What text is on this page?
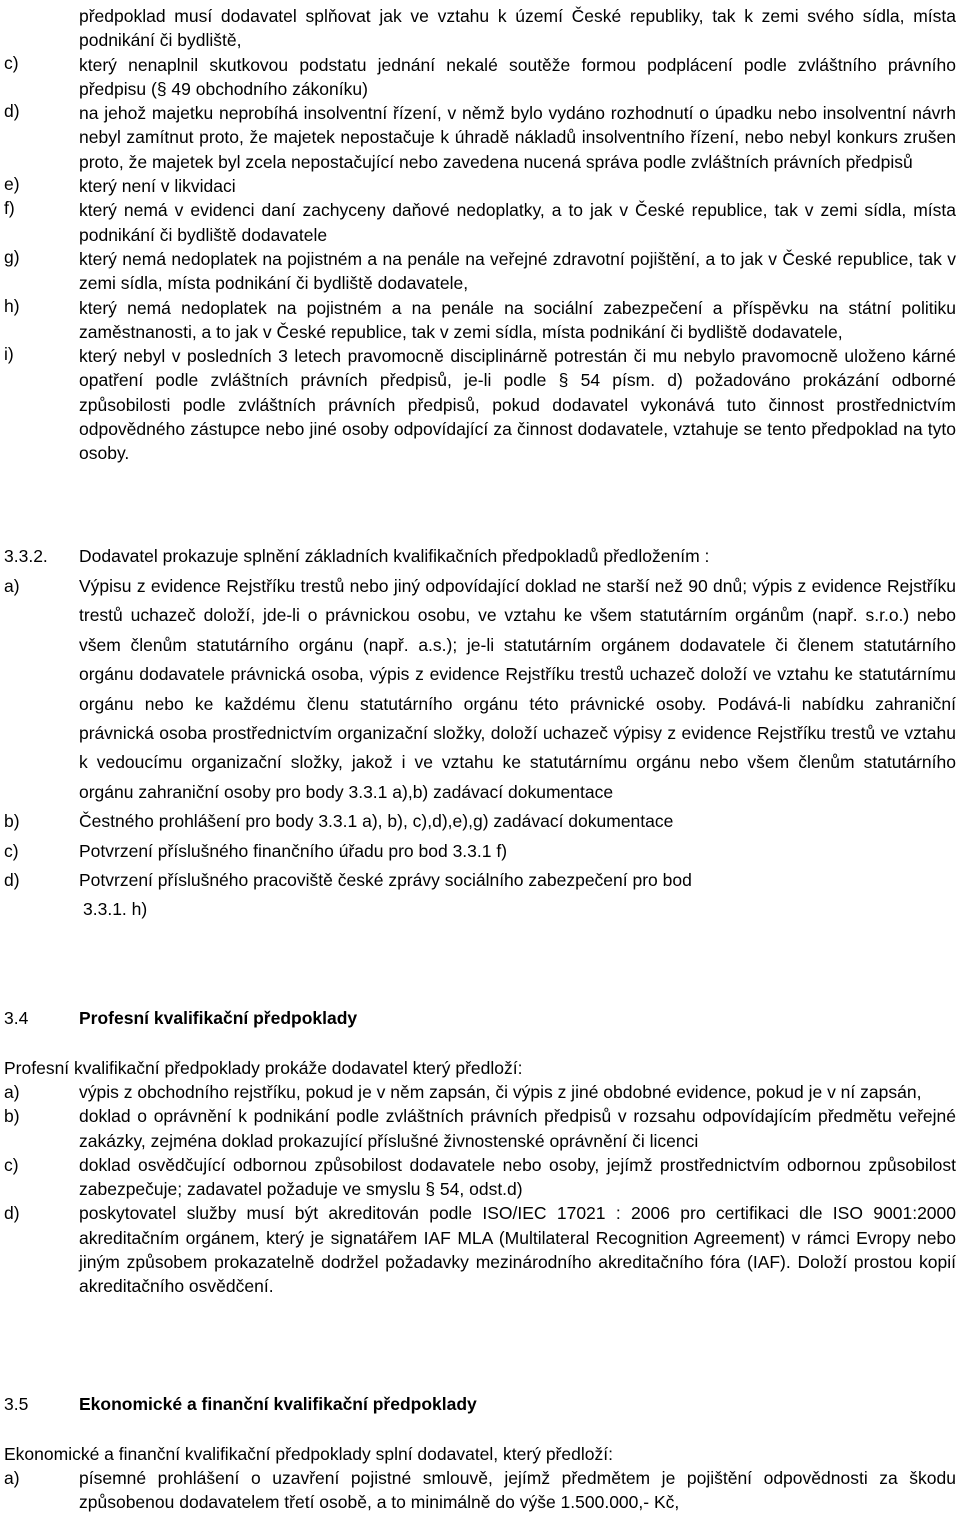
předpoklad musí dodavatel splňovat jak ve vztahu k území České republiky, tak k zemi svého sídla, místa podnikání či bydliště,
c)	který nenaplnil skutkovou podstatu jednání nekalé soutěže formou podplácení podle zvláštního právního předpisu (§ 49 obchodního zákoníku)
d)	na jehož majetku neprobíhá insolventní řízení, v němž bylo vydáno rozhodnutí o úpadku nebo insolventní návrh nebyl zamítnut proto, že majetek nepostačuje k úhradě nákladů insolventního řízení, nebo nebyl konkurs zrušen proto, že majetek byl zcela nepostačující nebo zavedena nucená správa podle zvláštních právních předpisů
e)	který není v likvidaci
f)	který nemá v evidenci daní zachyceny daňové nedoplatky, a to jak v České republice, tak v zemi sídla, místa podnikání či bydliště dodavatele
g)	který nemá nedoplatek na pojistném a na penále na veřejné zdravotní pojištění, a to jak v České republice, tak v zemi sídla, místa podnikání či bydliště dodavatele,
h)	který nemá nedoplatek na pojistném a na penále na sociální zabezpečení a příspěvku na státní politiku zaměstnanosti, a to jak v České republice, tak v zemi sídla, místa podnikání či bydliště dodavatele,
i)	který nebyl v posledních 3 letech pravomocně disciplinárně potrestán či mu nebylo pravomocně uloženo kárné opatření podle zvláštních právních předpisů, je-li podle § 54 písm. d) požadováno prokázání odborné způsobilosti podle zvláštních právních předpisů, pokud dodavatel vykonává tuto činnost prostřednictvím odpovědného zástupce nebo jiné osoby odpovídající za činnost dodavatele, vztahuje se tento předpoklad na tyto osoby.
3.3.2. Dodavatel prokazuje splnění základních kvalifikačních předpokladů předložením :
a)	Výpisu z evidence Rejstříku trestů nebo jiný odpovídající doklad ne starší než 90 dnů; výpis z evidence Rejstříku trestů uchazeč doloží, jde-li o právnickou osobu, ve vztahu ke všem statutárním orgánům (např. s.r.o.) nebo všem členům statutárního orgánu (např. a.s.); je-li statutárním orgánem dodavatele či členem statutárního orgánu dodavatele právnická osoba, výpis z evidence Rejstříku trestů uchazeč doloží ve vztahu ke statutárnímu orgánu nebo ke každému členu statutárního orgánu této právnické osoby. Podává-li nabídku zahraniční právnická osoba prostřednictvím organizační složky, doloží uchazeč výpisy z evidence Rejstříku trestů ve vztahu k vedoucímu organizační složky, jakož i ve vztahu ke statutárnímu orgánu nebo všem členům statutárního orgánu zahraniční osoby pro body 3.3.1 a),b) zadávací dokumentace
b)	Čestného prohlášení pro body 3.3.1 a), b), c),d),e),g) zadávací dokumentace
c)	Potvrzení příslušného finančního úřadu pro bod 3.3.1 f)
d)	Potvrzení příslušného pracoviště české zprávy sociálního zabezpečení pro bod
3.3.1. h)
3.4	Profesní kvalifikační předpoklady
Profesní kvalifikační předpoklady prokáže dodavatel který předloží:
a)	výpis z obchodního rejstříku, pokud je v něm zapsán, či výpis z jiné obdobné evidence, pokud je v ní zapsán,
b)	doklad o oprávnění k podnikání podle zvláštních právních předpisů v rozsahu odpovídajícím předmětu veřejné zakázky, zejména doklad prokazující příslušné živnostenské oprávnění či licenci
c)	doklad osvědčující odbornou způsobilost dodavatele nebo osoby, jejímž prostřednictvím odbornou způsobilost zabezpečuje; zadavatel požaduje ve smyslu § 54, odst.d)
d)	poskytovatel služby musí být akreditován podle ISO/IEC 17021 : 2006 pro certifikaci dle ISO 9001:2000 akreditačním orgánem, který je signatářem IAF MLA (Multilateral Recognition Agreement) v rámci Evropy nebo jiným způsobem prokazatelně dodržel požadavky mezinárodního akreditačního fóra (IAF). Doloží prostou kopií akreditačního osvědčení.
3.5	Ekonomické a finanční kvalifikační předpoklady
Ekonomické a finanční kvalifikační předpoklady splní dodavatel, který předloží:
a)	písemné prohlášení o uzavření pojistné smlouvě, jejímž předmětem je pojištění odpovědnosti za škodu způsobenou dodavatelem třetí osobě, a to minimálně do výše 1.500.000,- Kč,
